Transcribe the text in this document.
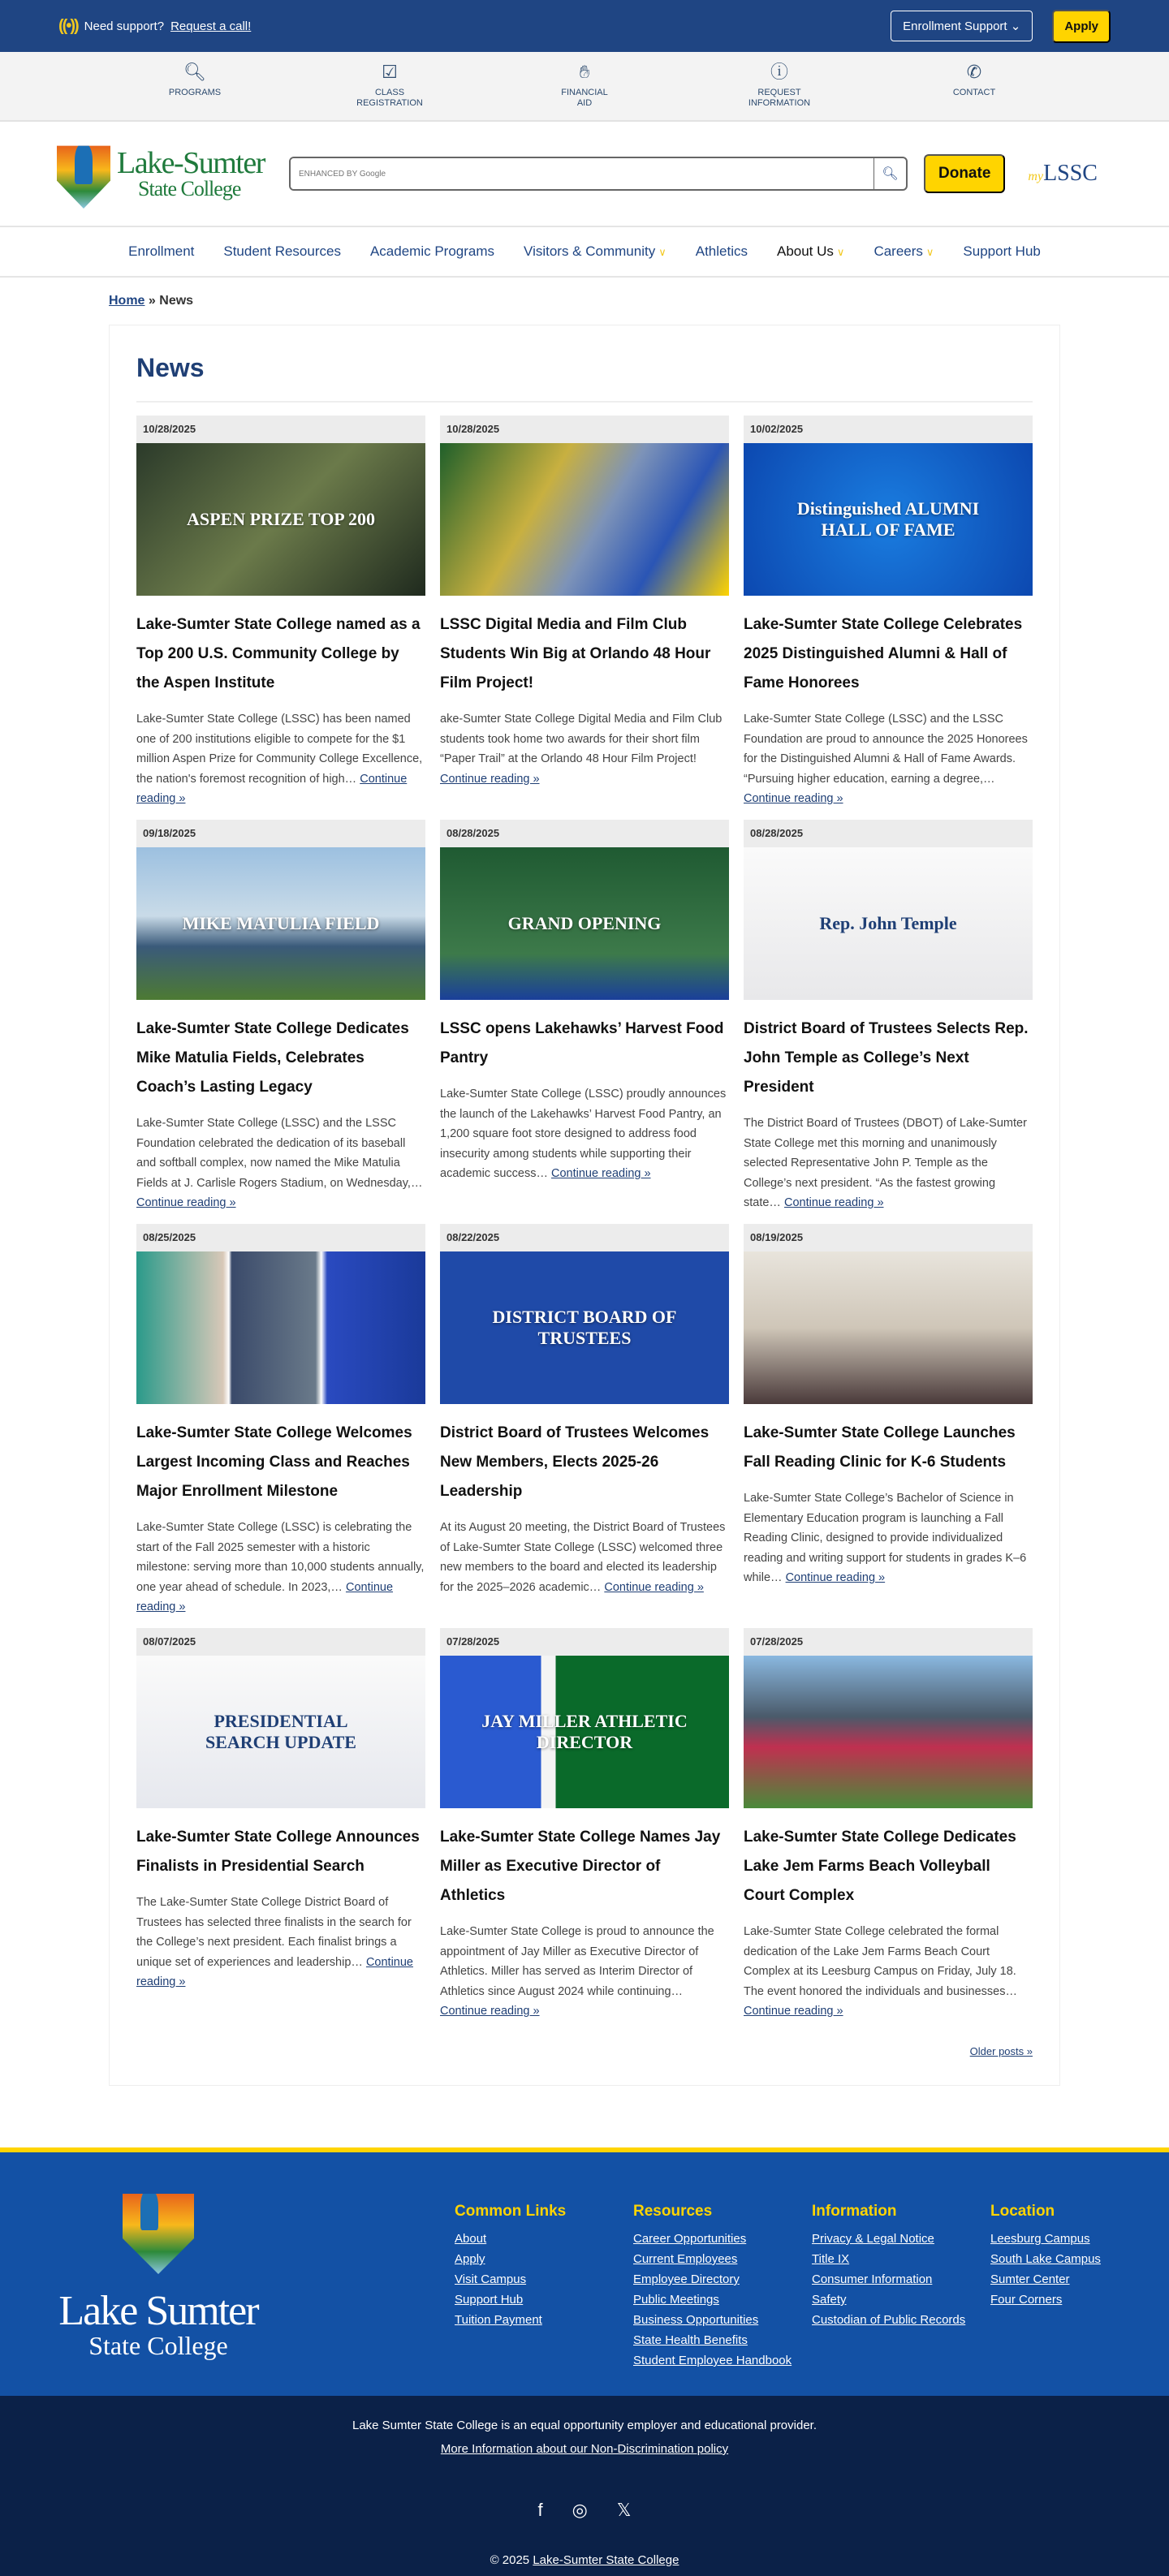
((•)) Need support? Request a call!	Enrollment Support ⌄	Apply
🔍︎
PROGRAMS
☑
CLASS REGISTRATION
✋︎
FINANCIAL AID
ⓘ
REQUEST INFORMATION
✆
CONTACT
Lake-Sumter
State College
ENHANCED BY Google
🔍︎	Donate	myLSSC
Enrollment Student Resources Academic Programs Visitors & Community ∨ Athletics About Us ∨ Careers ∨ Support Hub
Home » News
News
10/28/2025
ASPEN PRIZE TOP 200
Lake-Sumter State College named as a Top 200 U.S. Community College by the Aspen Institute
Lake-Sumter State College (LSSC) has been named one of 200 institutions eligible to compete for the $1 million Aspen Prize for Community College Excellence, the nation's foremost recognition of high… Continue reading »
10/28/2025
LSSC Digital Media and Film Club Students Win Big at Orlando 48 Hour Film Project!
ake-Sumter State College Digital Media and Film Club students took home two awards for their short film “Paper Trail” at the Orlando 48 Hour Film Project! Continue reading »
10/02/2025
Distinguished ALUMNI HALL OF FAME
Lake-Sumter State College Celebrates 2025 Distinguished Alumni & Hall of Fame Honorees
Lake-Sumter State College (LSSC) and the LSSC Foundation are proud to announce the 2025 Honorees for the Distinguished Alumni & Hall of Fame Awards. “Pursuing higher education, earning a degree,… Continue reading »
09/18/2025
MIKE MATULIA FIELD
Lake-Sumter State College Dedicates Mike Matulia Fields, Celebrates Coach’s Lasting Legacy
Lake-Sumter State College (LSSC) and the LSSC Foundation celebrated the dedication of its baseball and softball complex, now named the Mike Matulia Fields at J. Carlisle Rogers Stadium, on Wednesday,… Continue reading »
08/28/2025
GRAND OPENING
LSSC opens Lakehawks’ Harvest Food Pantry
Lake-Sumter State College (LSSC) proudly announces the launch of the Lakehawks’ Harvest Food Pantry, an 1,200 square foot store designed to address food insecurity among students while supporting their academic success… Continue reading »
08/28/2025
Rep. John Temple
District Board of Trustees Selects Rep. John Temple as College’s Next President
The District Board of Trustees (DBOT) of Lake-Sumter State College met this morning and unanimously selected Representative John P. Temple as the College’s next president. “As the fastest growing state… Continue reading »
08/25/2025
Lake-Sumter State College Welcomes Largest Incoming Class and Reaches Major Enrollment Milestone
Lake-Sumter State College (LSSC) is celebrating the start of the Fall 2025 semester with a historic milestone: serving more than 10,000 students annually, one year ahead of schedule. In 2023,… Continue reading »
08/22/2025
DISTRICT BOARD OF TRUSTEES
District Board of Trustees Welcomes New Members, Elects 2025-26 Leadership
At its August 20 meeting, the District Board of Trustees of Lake-Sumter State College (LSSC) welcomed three new members to the board and elected its leadership for the 2025–2026 academic… Continue reading »
08/19/2025
Lake-Sumter State College Launches Fall Reading Clinic for K-6 Students
Lake-Sumter State College’s Bachelor of Science in Elementary Education program is launching a Fall Reading Clinic, designed to provide individualized reading and writing support for students in grades K–6 while… Continue reading »
08/07/2025
PRESIDENTIAL SEARCH UPDATE
Lake-Sumter State College Announces Finalists in Presidential Search
The Lake-Sumter State College District Board of Trustees has selected three finalists in the search for the College’s next president. Each finalist brings a unique set of experiences and leadership… Continue reading »
07/28/2025
JAY MILLER ATHLETIC DIRECTOR
Lake-Sumter State College Names Jay Miller as Executive Director of Athletics
Lake-Sumter State College is proud to announce the appointment of Jay Miller as Executive Director of Athletics. Miller has served as Interim Director of Athletics since August 2024 while continuing… Continue reading »
07/28/2025
Lake-Sumter State College Dedicates Lake Jem Farms Beach Volleyball Court Complex
Lake-Sumter State College celebrated the formal dedication of the Lake Jem Farms Beach Court Complex at its Leesburg Campus on Friday, July 18. The event honored the individuals and businesses… Continue reading »
Older posts »
Lake Sumter
State College
Common Links
About
Apply
Visit Campus
Support Hub
Tuition Payment
Resources
Career Opportunities
Current Employees
Employee Directory
Public Meetings
Business Opportunities
State Health Benefits
Student Employee Handbook
Information
Privacy & Legal Notice
Title IX
Consumer Information
Safety
Custodian of Public Records
Location
Leesburg Campus
South Lake Campus
Sumter Center
Four Corners

Lake Sumter State College is an equal opportunity employer and educational provider.

More Information about our Non-Discrimination policy

f ◎ 𝕏

© 2025 Lake-Sumter State College
